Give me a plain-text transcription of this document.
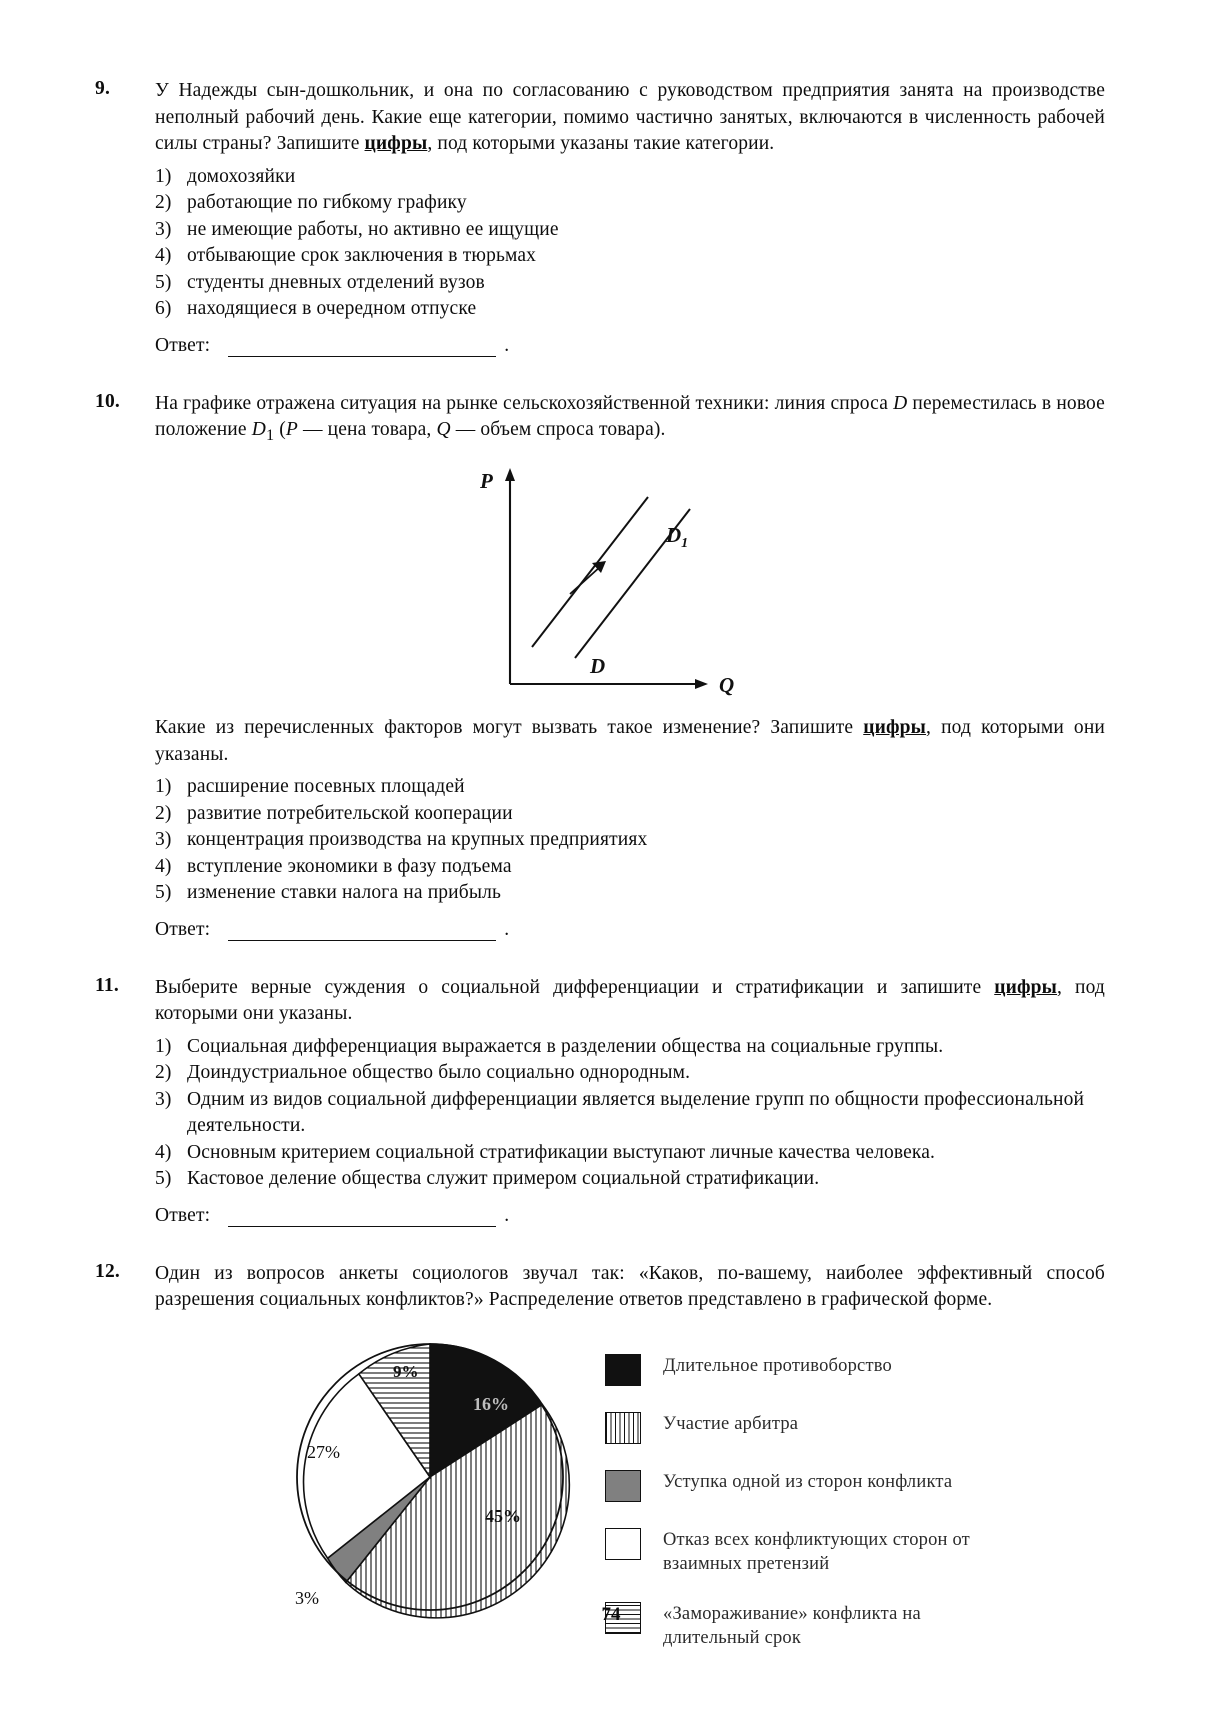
9.	У Надежды сын-дошкольник, и она по согласованию с руководством предприятия занята на производстве неполный рабочий день. Какие еще категории, помимо частично занятых, включаются в численность рабочей силы страны? Запишите цифры, под которыми указаны такие категории.
1) домохозяйки
2) работающие по гибкому графику
3) не имеющие работы, но активно ее ищущие
4) отбывающие срок заключения в тюрьмах
5) студенты дневных отделений вузов
6) находящиеся в очередном отпуске
Ответ:	.
10.	На графике отражена ситуация на рынке сельскохозяйственной техники: линия спроса D переместилась в новое положение $D_1$ (P — цена товара, Q — объем спроса товара).
P
Q
D
$D_1$
Какие из перечисленных факторов могут вызвать такое изменение? Запишите цифры, под которыми они указаны.
1) расширение посевных площадей
2) развитие потребительской кооперации
3) концентрация производства на крупных предприятиях
4) вступление экономики в фазу подъема
5) изменение ставки налога на прибыль
Ответ:	.
11.	Выберите верные суждения о социальной дифференциации и стратификации и запишите цифры, под которыми они указаны.
1) Социальная дифференциация выражается в разделении общества на социальные группы.
2) Доиндустриальное общество было социально однородным.
3) Одним из видов социальной дифференциации является выделение групп по общности профессиональной деятельности.
4) Основным критерием социальной стратификации выступают личные качества человека.
5) Кастовое деление общества служит примером социальной стратификации.
Ответ:	.
12.	Один из вопросов анкеты социологов звучал так: «Каков, по-вашему, наиболее эффективный способ разрешения социальных конфликтов?» Распределение ответов представлено в графической форме.
16%
45%
3%
27%
9%	Длительное противоборство
Участие арбитра
Уступка одной из сторон конфликта
Отказ всех конфликтующих сторон от взаимных претензий
«Замораживание» конфликта на длительный срок
74
